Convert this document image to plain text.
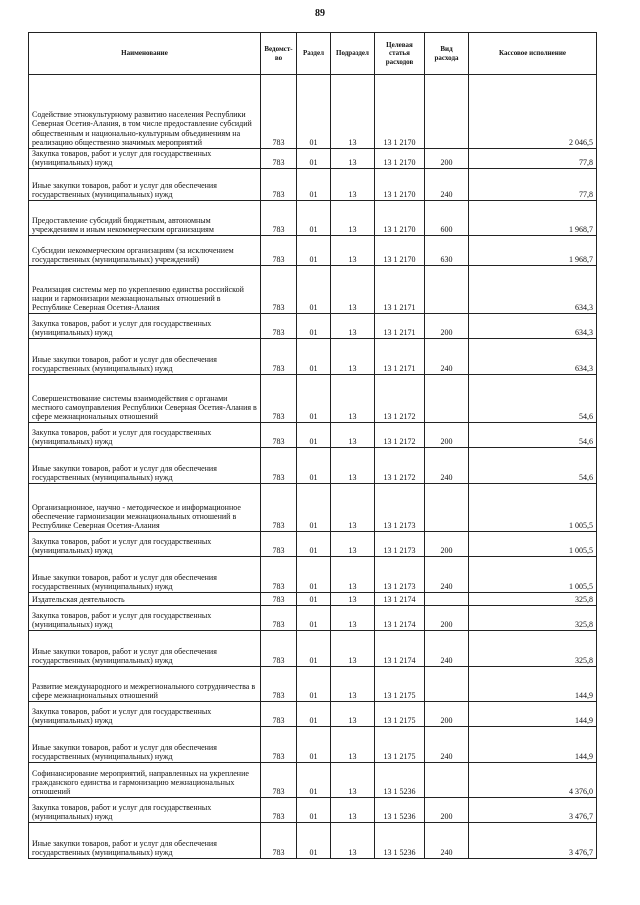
89
Наименование	Ведомст-во	Раздел	Подраздел	Целевая статья расходов	Вид расхода	Кассовое исполнение
Содействие этнокультурному развитию населения Республики Северная Осетия-Алания, в том числе предоставление субсидий общественным и национально-культурным объединениям на реализацию общественно значимых мероприятий	783	01	13	13 1 2170		2 046,5
Закупка товаров, работ и услуг для государственных (муниципальных) нужд	783	01	13	13 1 2170	200	77,8
Иные закупки товаров, работ и услуг для обеспечения государственных (муниципальных) нужд	783	01	13	13 1 2170	240	77,8
Предоставление субсидий бюджетным, автономным учреждениям и иным некоммерческим организациям	783	01	13	13 1 2170	600	1 968,7
Субсидии некоммерческим организациям (за исключением государственных (муниципальных) учреждений)	783	01	13	13 1 2170	630	1 968,7
Реализация системы мер по укреплению единства российской нации и гармонизации межнациональных отношений в Республике Северная Осетия-Алания	783	01	13	13 1 2171		634,3
Закупка товаров, работ и услуг для государственных (муниципальных) нужд	783	01	13	13 1 2171	200	634,3
Иные закупки товаров, работ и услуг для обеспечения государственных (муниципальных) нужд	783	01	13	13 1 2171	240	634,3
Совершенствование системы взаимодействия с органами местного самоуправления Республики Северная Осетия-Алания в сфере межнациональных отношений	783	01	13	13 1 2172		54,6
Закупка товаров, работ и услуг для государственных (муниципальных) нужд	783	01	13	13 1 2172	200	54,6
Иные закупки товаров, работ и услуг для обеспечения государственных (муниципальных) нужд	783	01	13	13 1 2172	240	54,6
Организационное, научно - методическое и информационное обеспечение гармонизации межнациональных отношений в Республике Северная Осетия-Алания	783	01	13	13 1 2173		1 005,5
Закупка товаров, работ и услуг для государственных (муниципальных) нужд	783	01	13	13 1 2173	200	1 005,5
Иные закупки товаров, работ и услуг для обеспечения государственных (муниципальных) нужд	783	01	13	13 1 2173	240	1 005,5
Издательская деятельность	783	01	13	13 1 2174		325,8
Закупка товаров, работ и услуг для государственных (муниципальных) нужд	783	01	13	13 1 2174	200	325,8
Иные закупки товаров, работ и услуг для обеспечения государственных (муниципальных) нужд	783	01	13	13 1 2174	240	325,8
Развитие международного и межрегионального сотрудничества в сфере межнациональных отношений	783	01	13	13 1 2175		144,9
Закупка товаров, работ и услуг для государственных (муниципальных) нужд	783	01	13	13 1 2175	200	144,9
Иные закупки товаров, работ и услуг для обеспечения государственных (муниципальных) нужд	783	01	13	13 1 2175	240	144,9
Софинансирование мероприятий, направленных на укрепление гражданского единства и гармонизацию межнациональных отношений	783	01	13	13 1 5236		4 376,0
Закупка товаров, работ и услуг для государственных (муниципальных) нужд	783	01	13	13 1 5236	200	3 476,7
Иные закупки товаров, работ и услуг для обеспечения государственных (муниципальных) нужд	783	01	13	13 1 5236	240	3 476,7
